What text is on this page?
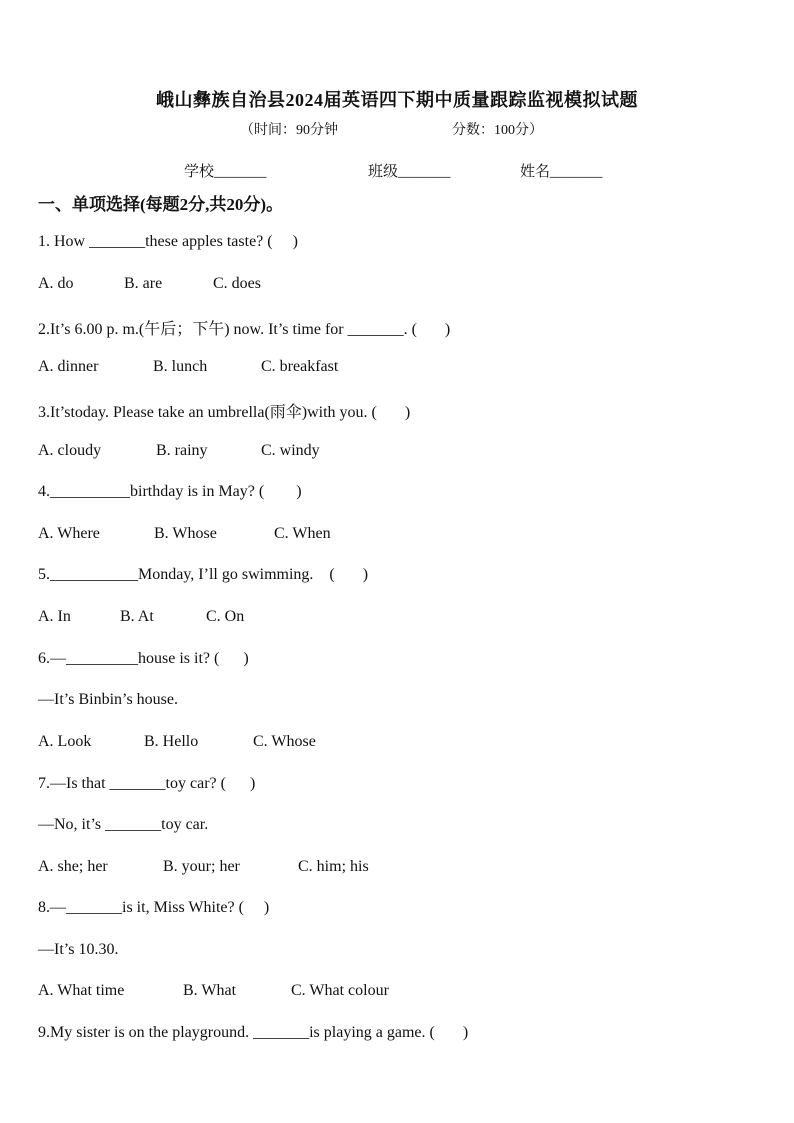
峨山彝族自治县2024届英语四下期中质量跟踪监视模拟试题
（时间：90分钟	分数：100分）
学校_______	班级_______	姓名_______
一、单项选择(每题2分,共20分)。
1. How _______these apples taste? (     )
A. do	B. are	C. does
2.It’s 6.00 p. m.(午后；下午) now. It’s time for _______. (       )
A. dinner	B. lunch	C. breakfast
3.It’stoday. Please take an umbrella(雨伞)with you. (       )
A. cloudy	B. rainy	C. windy
4.__________birthday is in May? (        )
A. Where	B. Whose	C. When
5.___________Monday, I’ll go swimming.    (       )
A. In	B. At	C. On
6.—_________house is it? (      )
—It’s Binbin’s house.
A. Look	B. Hello	C. Whose
7.—Is that _______toy car? (      )
—No, it’s _______toy car.
A. she; her	B. your; her	C. him; his
8.—_______is it, Miss White? (     )
—It’s 10.30.
A. What time	B. What	C. What colour
9.My sister is on the playground. _______is playing a game. (       )
